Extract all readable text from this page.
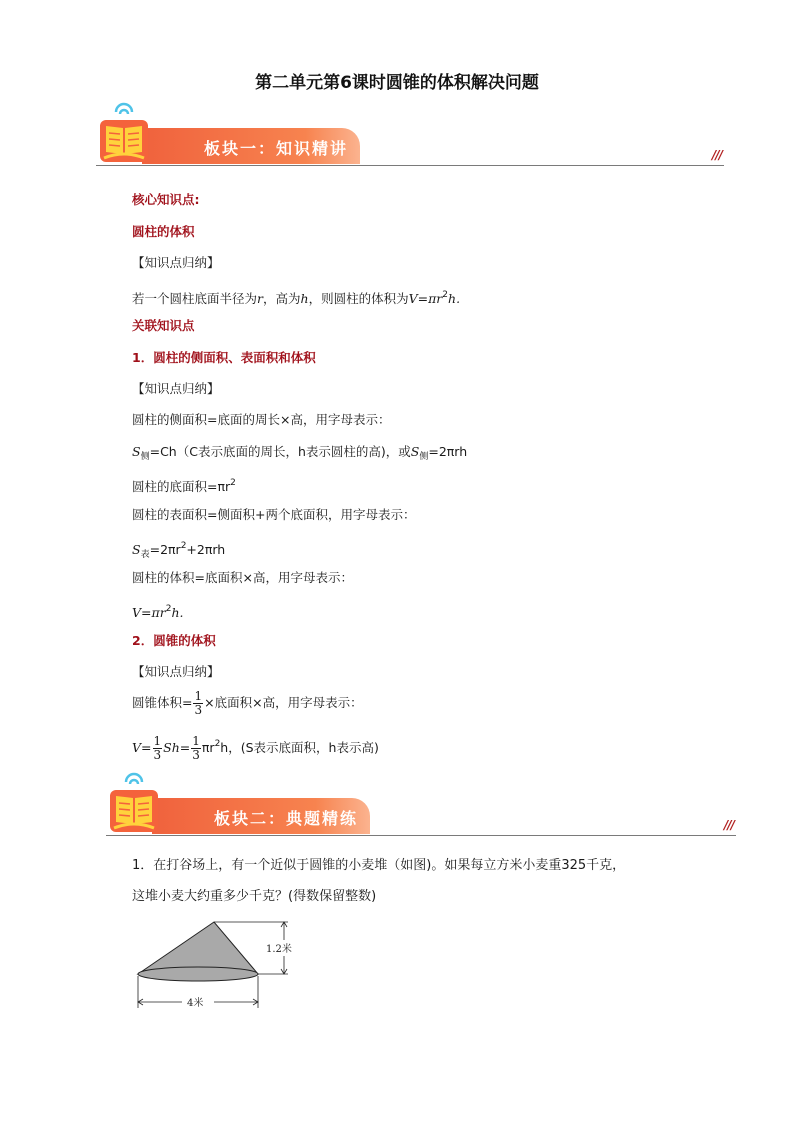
第二单元第6课时圆锥的体积解决问题
///
板块一：知识精讲
核心知识点:
圆柱的体积
【知识点归纳】
若一个圆柱底面半径为r，高为h，则圆柱的体积为$V=\pi r^2h$.
关联知识点
1．圆柱的侧面积、表面积和体积
【知识点归纳】
圆柱的侧面积=底面的周长×高，用字母表示：
$S_侧=Ch(C$表示底面的周长，h表示圆柱的高)，或$S_侧=2\pi rh$
圆柱的底面积$=\pi r^2$
圆柱的表面积=侧面积+两个底面积，用字母表示：
$S_表=2\pi r^2+2\pi rh$
圆柱的体积=底面积×高，用字母表示：
$V=\pi r^2h$.
2．圆锥的体积
【知识点归纳】
圆锥体积= $\frac{1}{3}$ ×底面积×高，用字母表示：
$V= \frac{1}{3} Sh= \frac{1}{3} \pi r^2h$，(S表示底面积，h表示高)
///
板块二：典题精练
1．在打谷场上，有一个近似于圆锥的小麦堆（如图)。如果每立方米小麦重325千克，
这堆小麦大约重多少千克？(得数保留整数)
1.2米
4米
